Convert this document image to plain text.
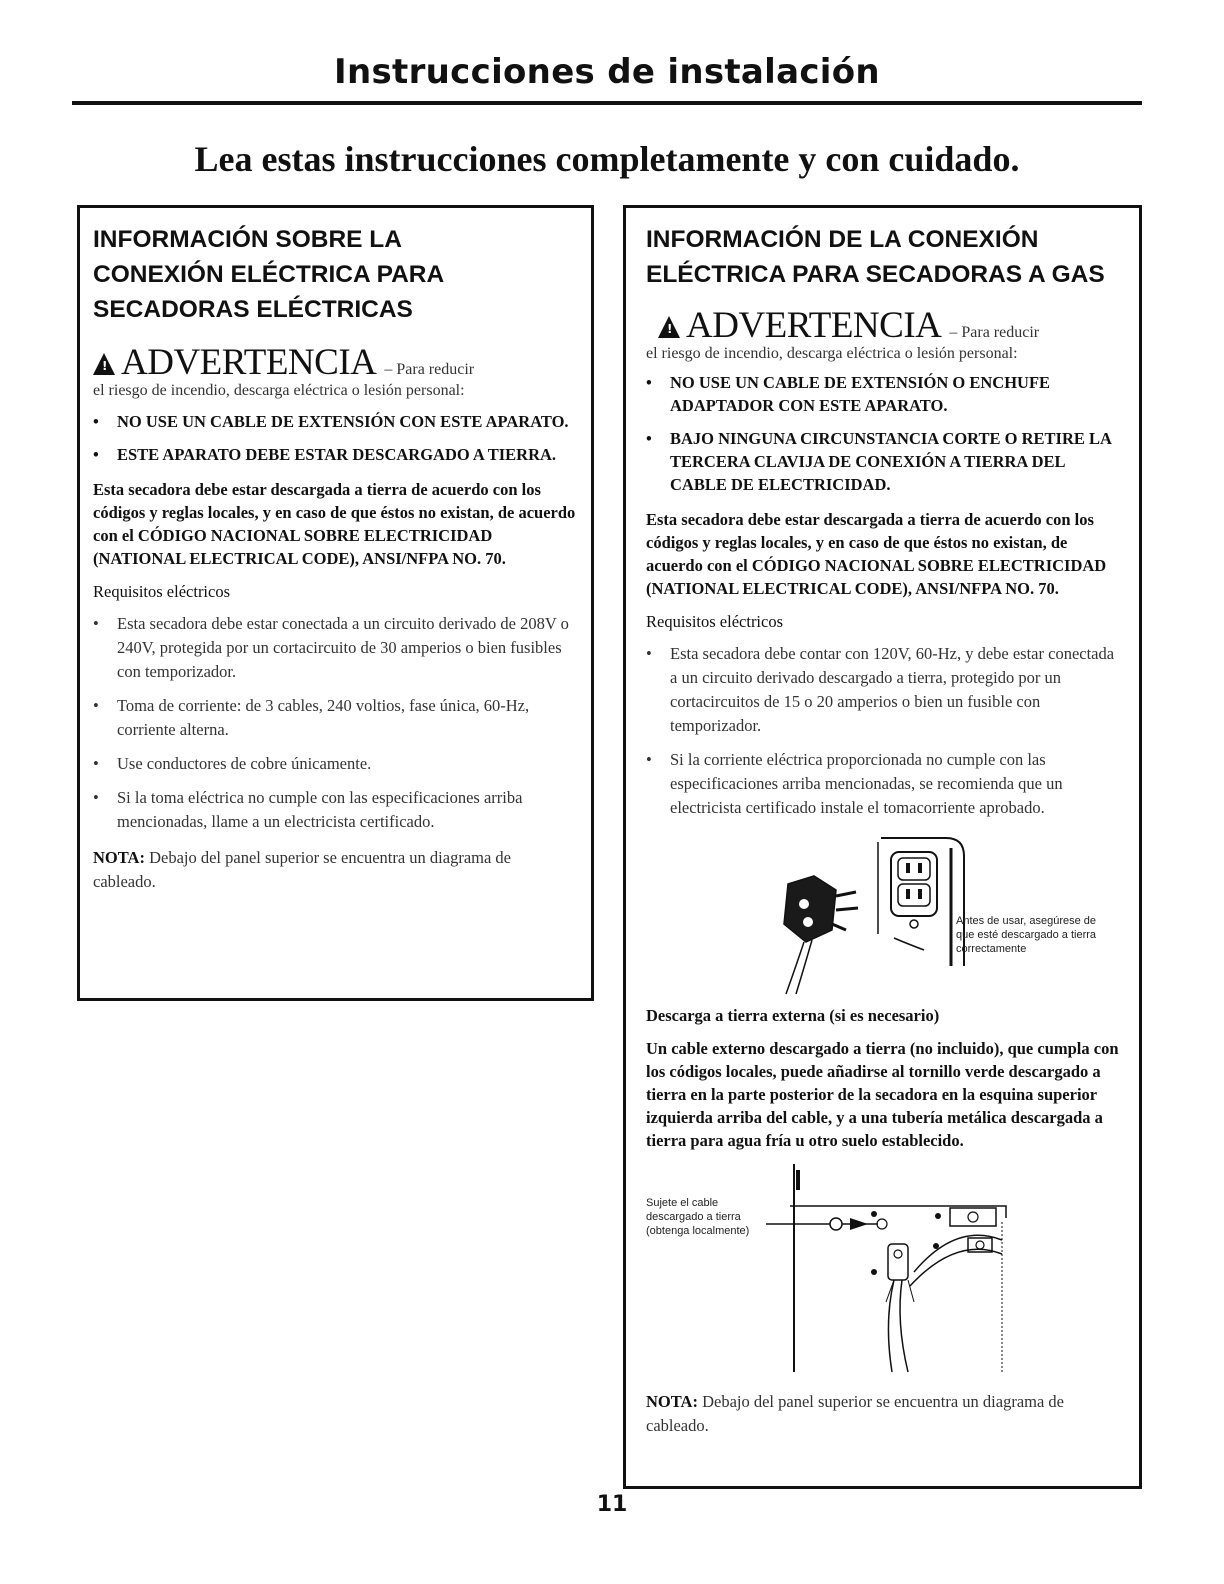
Instrucciones de instalación
Lea estas instrucciones completamente y con cuidado.
INFORMACIÓN SOBRE LA
CONEXIÓN ELÉCTRICA PARA
SECADORAS ELÉCTRICAS
! ADVERTENCIA – Para reducir
el riesgo de incendio, descarga eléctrica o lesión personal:
• NO USE UN CABLE DE EXTENSIÓN CON ESTE APARATO.
• ESTE APARATO DEBE ESTAR DESCARGADO A TIERRA.

Esta secadora debe estar descargada a tierra de acuerdo con los códigos y reglas locales, y en caso de que éstos no existan, de acuerdo con el CÓDIGO NACIONAL SOBRE ELECTRICIDAD (NATIONAL ELECTRICAL CODE), ANSI/NFPA NO. 70.

Requisitos eléctricos
• Esta secadora debe estar conectada a un circuito derivado de 208V o 240V, protegida por un cortacircuito de 30 amperios o bien fusibles con temporizador.
• Toma de corriente: de 3 cables, 240 voltios, fase única, 60-Hz, corriente alterna.
• Use conductores de cobre únicamente.
• Si la toma eléctrica no cumple con las especificaciones arriba mencionadas, llame a un electricista certificado.
NOTA: Debajo del panel superior se encuentra un diagrama de cableado.
INFORMACIÓN DE LA CONEXIÓN
ELÉCTRICA PARA SECADORAS A GAS
! ADVERTENCIA – Para reducir
el riesgo de incendio, descarga eléctrica o lesión personal:
• NO USE UN CABLE DE EXTENSIÓN O ENCHUFE ADAPTADOR CON ESTE APARATO.
• BAJO NINGUNA CIRCUNSTANCIA CORTE O RETIRE LA TERCERA CLAVIJA DE CONEXIÓN A TIERRA DEL CABLE DE ELECTRICIDAD.

Esta secadora debe estar descargada a tierra de acuerdo con los códigos y reglas locales, y en caso de que éstos no existan, de acuerdo con el CÓDIGO NACIONAL SOBRE ELECTRICIDAD (NATIONAL ELECTRICAL CODE), ANSI/NFPA NO. 70.

Requisitos eléctricos
• Esta secadora debe contar con 120V, 60-Hz, y debe estar conectada a un circuito derivado descargado a tierra, protegido por un cortacircuitos de 15 o 20 amperios o bien un fusible con temporizador.
• Si la corriente eléctrica proporcionada no cumple con las especificaciones arriba mencionadas, se recomienda que un electricista certificado instale el tomacorriente aprobado.
Antes de usar, asegúrese de
que esté descargado a tierra
correctamente
Descarga a tierra externa (si es necesario)

Un cable externo descargado a tierra (no incluido), que cumpla con los códigos locales, puede añadirse al tornillo verde descargado a tierra en la parte posterior de la secadora en la esquina superior izquierda arriba del cable, y a una tubería metálica descargada a tierra para agua fría u otro suelo establecido.

Sujete el cable
descargado a tierra
(obtenga localmente)
NOTA: Debajo del panel superior se encuentra un diagrama de cableado.
11
